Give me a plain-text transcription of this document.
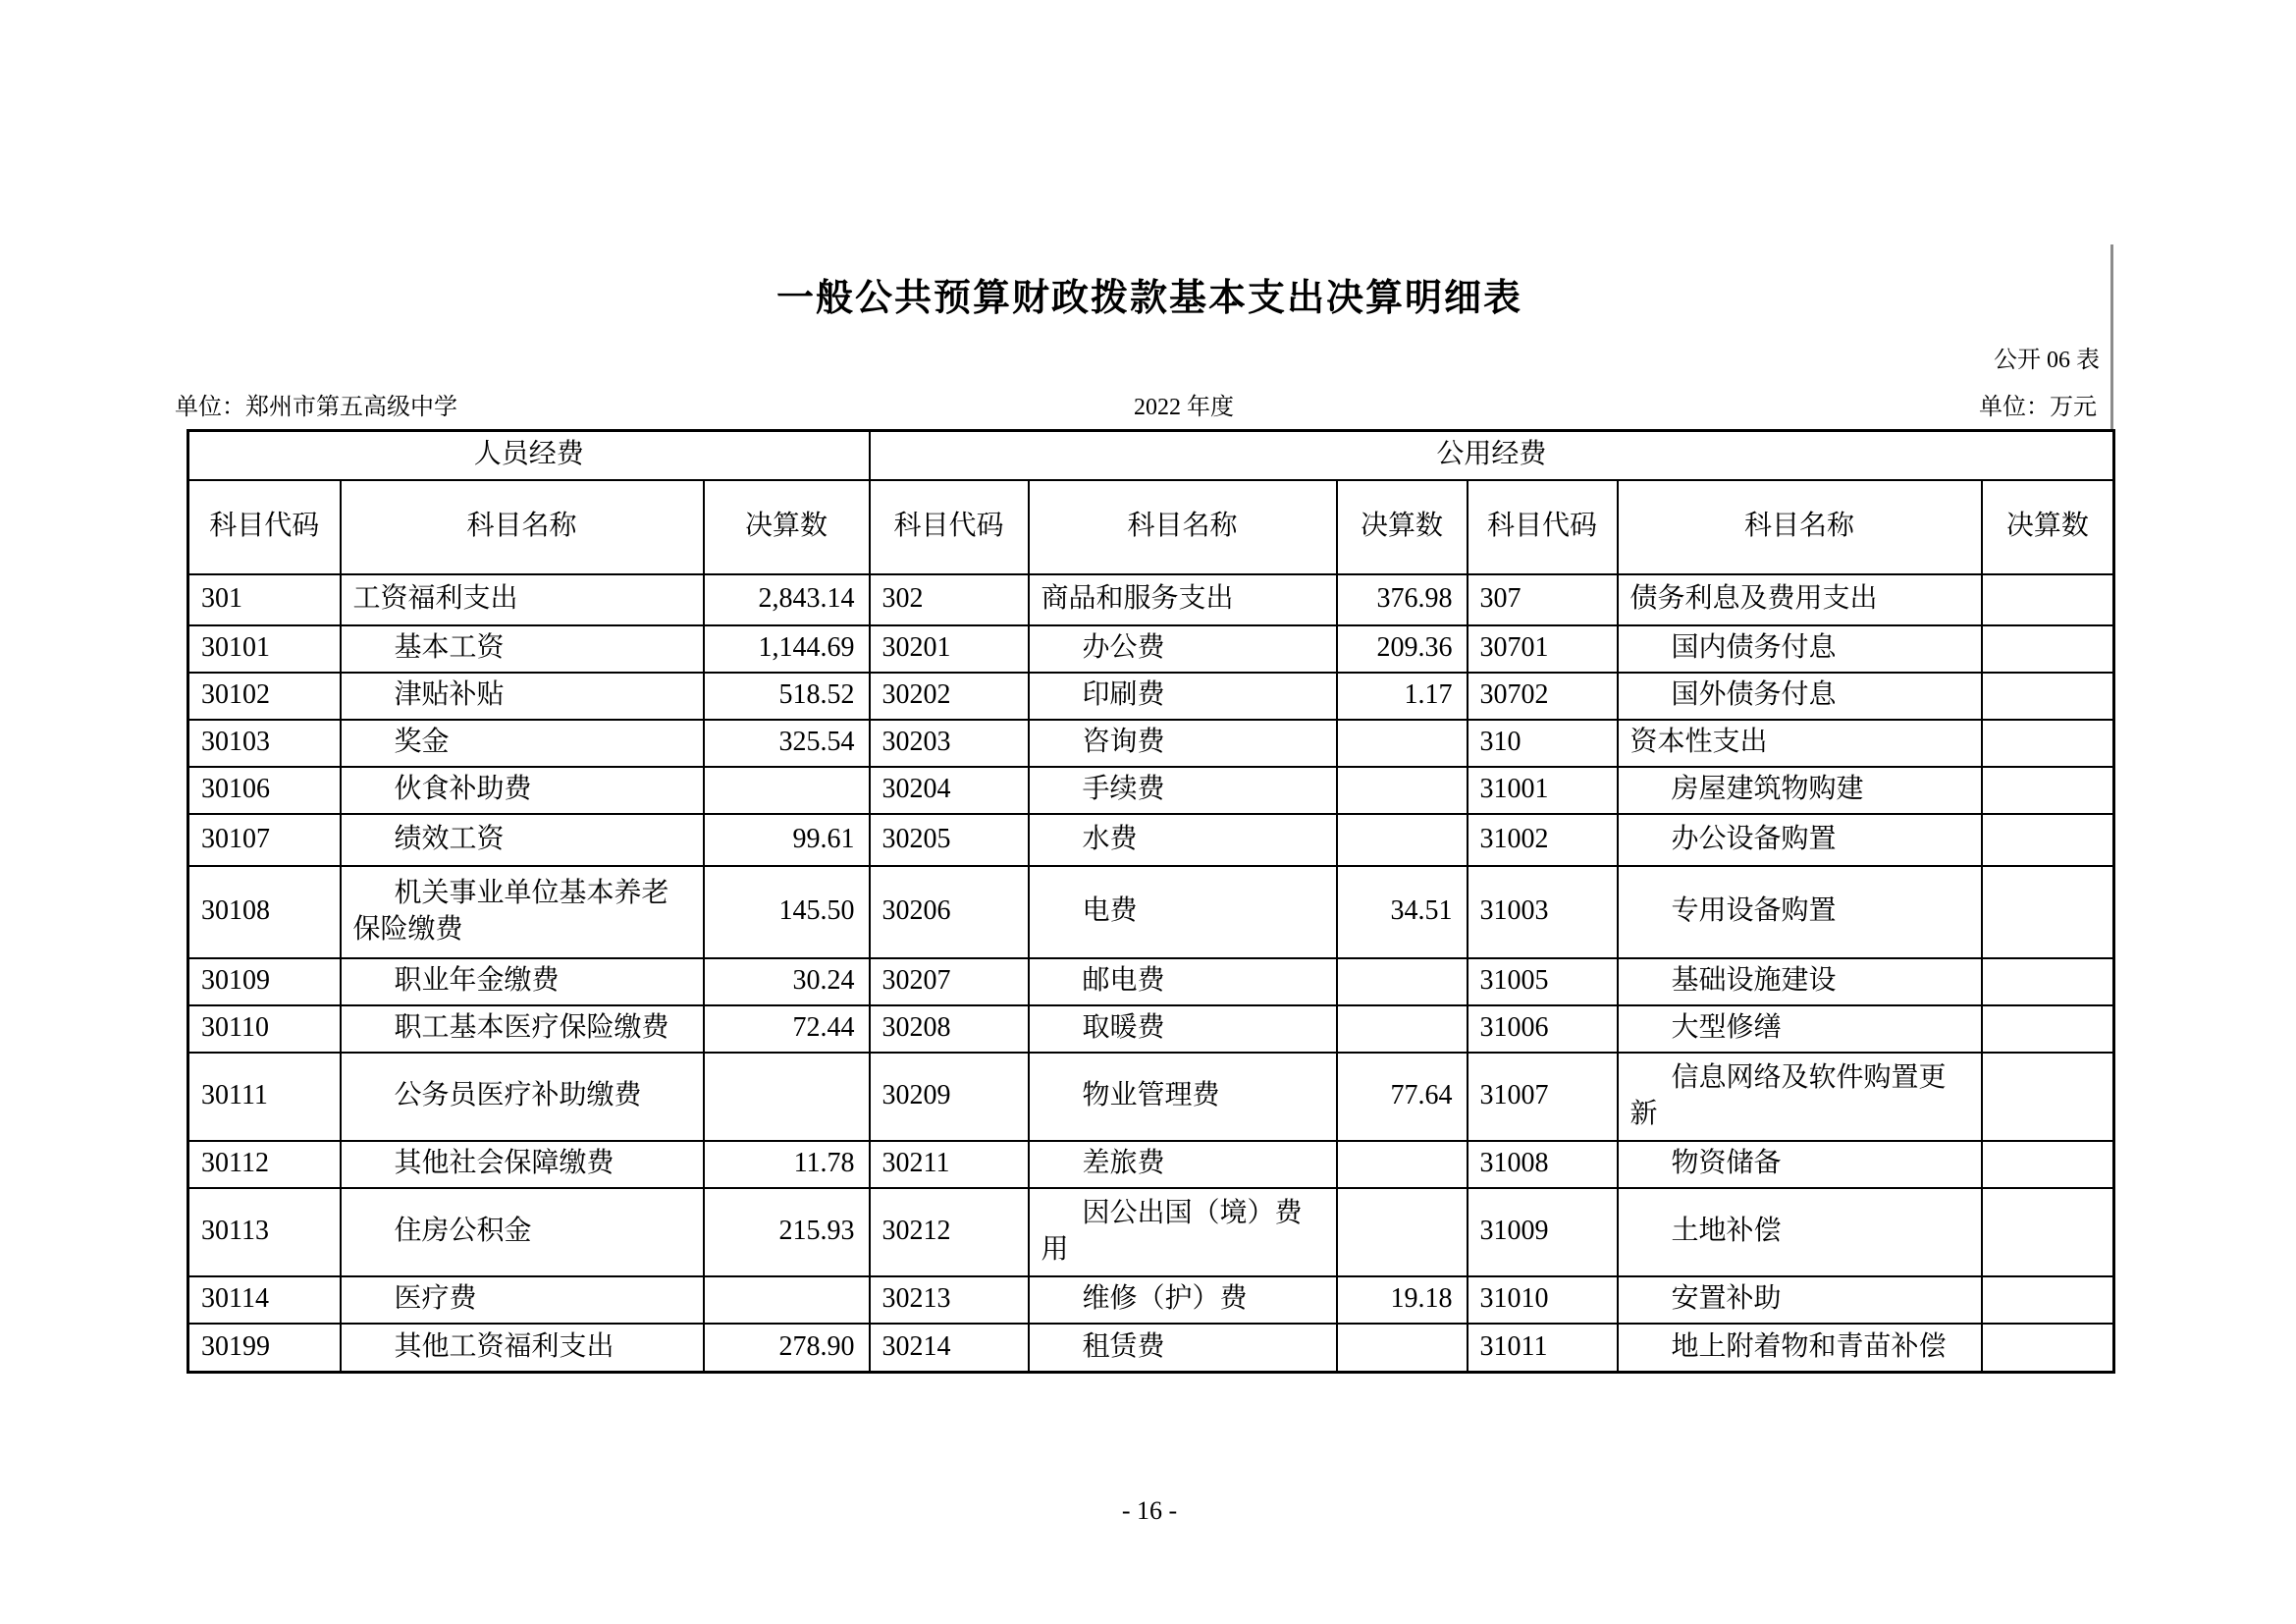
一般公共预算财政拨款基本支出决算明细表
公开 06 表
单位：郑州市第五高级中学	2022 年度	单位：万元
人员经费			公用经费					
科目代码	科目名称	决算数	科目代码	科目名称	决算数	科目代码	科目名称	决算数
301	工资福利支出	2,843.14	302	商品和服务支出	376.98	307	债务利息及费用支出	
30101	基本工资	1,144.69	30201	办公费	209.36	30701	国内债务付息	
30102	津贴补贴	518.52	30202	印刷费	1.17	30702	国外债务付息	
30103	奖金	325.54	30203	咨询费		310	资本性支出	
30106	伙食补助费		30204	手续费		31001	房屋建筑物购建	
30107	绩效工资	99.61	30205	水费		31002	办公设备购置	
30108	机关事业单位基本养老保险缴费	145.50	30206	电费	34.51	31003	专用设备购置	
30109	职业年金缴费	30.24	30207	邮电费		31005	基础设施建设	
30110	职工基本医疗保险缴费	72.44	30208	取暖费		31006	大型修缮	
30111	公务员医疗补助缴费		30209	物业管理费	77.64	31007	信息网络及软件购置更新	
30112	其他社会保障缴费	11.78	30211	差旅费		31008	物资储备	
30113	住房公积金	215.93	30212	因公出国（境）费用		31009	土地补偿	
30114	医疗费		30213	维修（护）费	19.18	31010	安置补助	
30199	其他工资福利支出	278.90	30214	租赁费		31011	地上附着物和青苗补偿	
- 16 -
